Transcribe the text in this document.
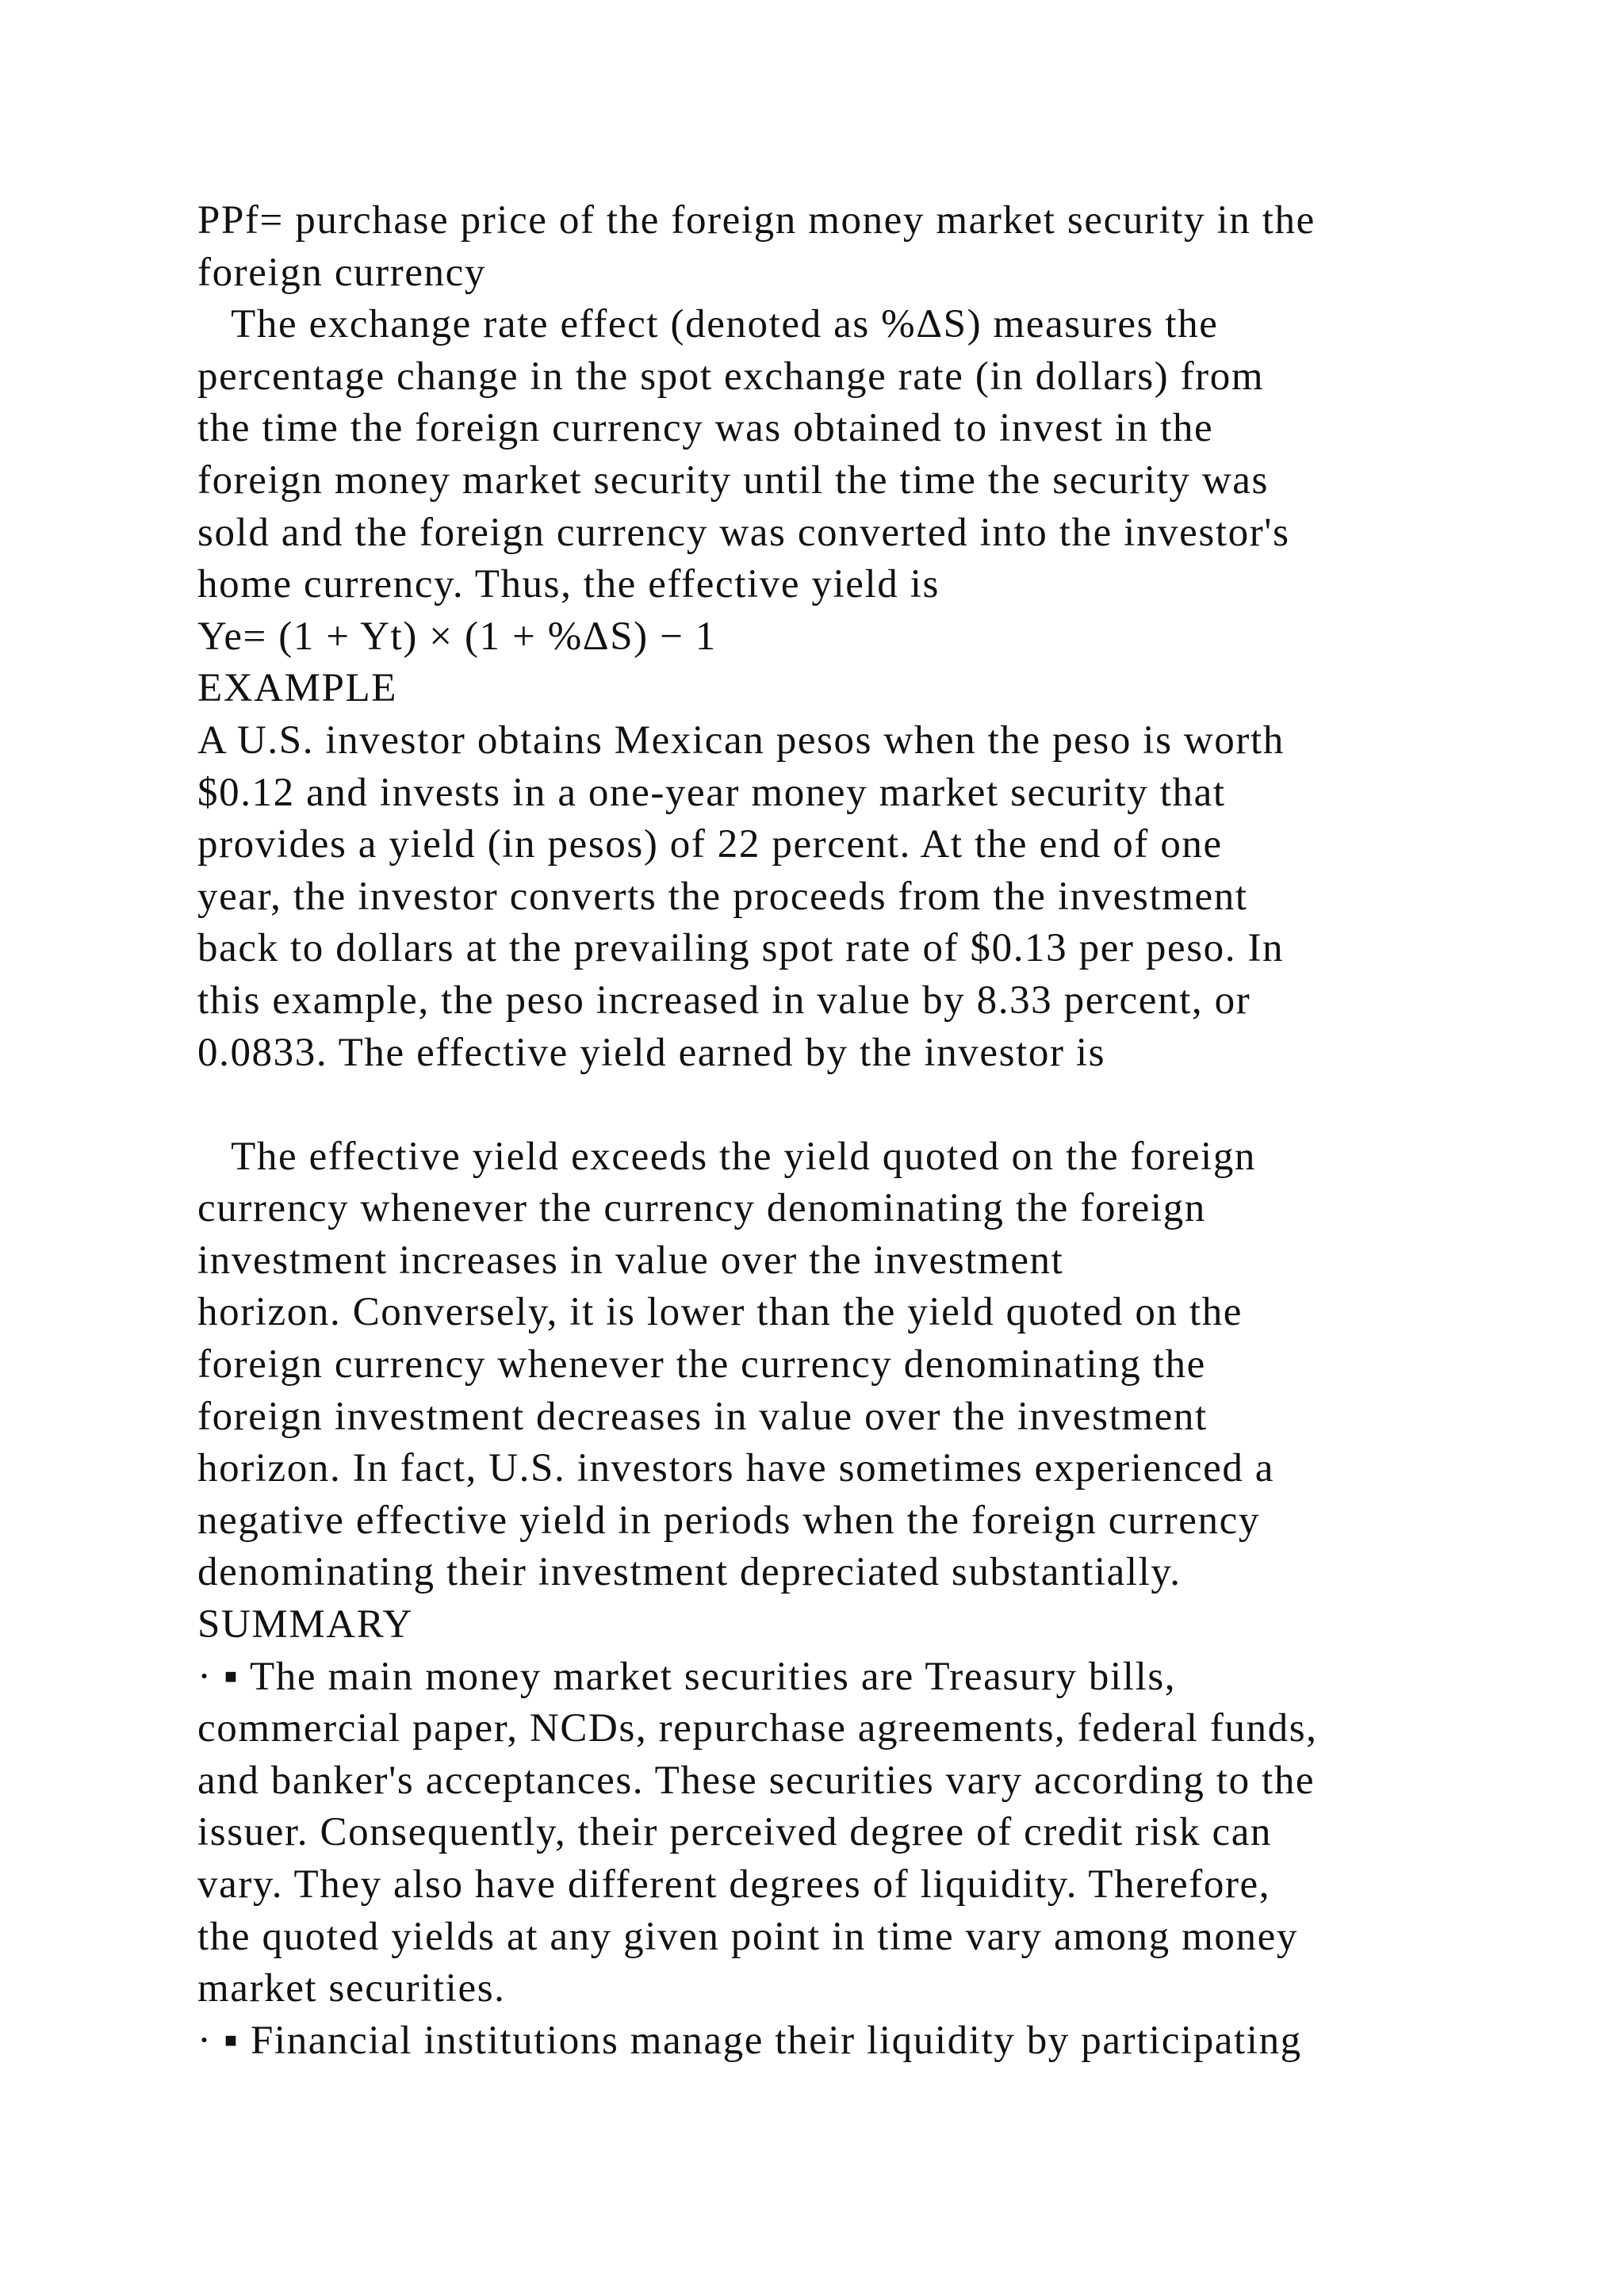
PPf= purchase price of the foreign money market security in the
foreign currency
The exchange rate effect (denoted as %ΔS) measures the
percentage change in the spot exchange rate (in dollars) from
the time the foreign currency was obtained to invest in the
foreign money market security until the time the security was
sold and the foreign currency was converted into the investor's
home currency. Thus, the effective yield is
Ye= (1 + Yt) × (1 + %ΔS) − 1
EXAMPLE
A U.S. investor obtains Mexican pesos when the peso is worth
$0.12 and invests in a one-year money market security that
provides a yield (in pesos) of 22 percent. At the end of one
year, the investor converts the proceeds from the investment
back to dollars at the prevailing spot rate of $0.13 per peso. In
this example, the peso increased in value by 8.33 percent, or
0.0833. The effective yield earned by the investor is
The effective yield exceeds the yield quoted on the foreign
currency whenever the currency denominating the foreign
investment increases in value over the investment
horizon. Conversely, it is lower than the yield quoted on the
foreign currency whenever the currency denominating the
foreign investment decreases in value over the investment
horizon. In fact, U.S. investors have sometimes experienced a
negative effective yield in periods when the foreign currency
denominating their investment depreciated substantially.
SUMMARY
· ▪ The main money market securities are Treasury bills,
commercial paper, NCDs, repurchase agreements, federal funds,
and banker's acceptances. These securities vary according to the
issuer. Consequently, their perceived degree of credit risk can
vary. They also have different degrees of liquidity. Therefore,
the quoted yields at any given point in time vary among money
market securities.
· ▪ Financial institutions manage their liquidity by participating
